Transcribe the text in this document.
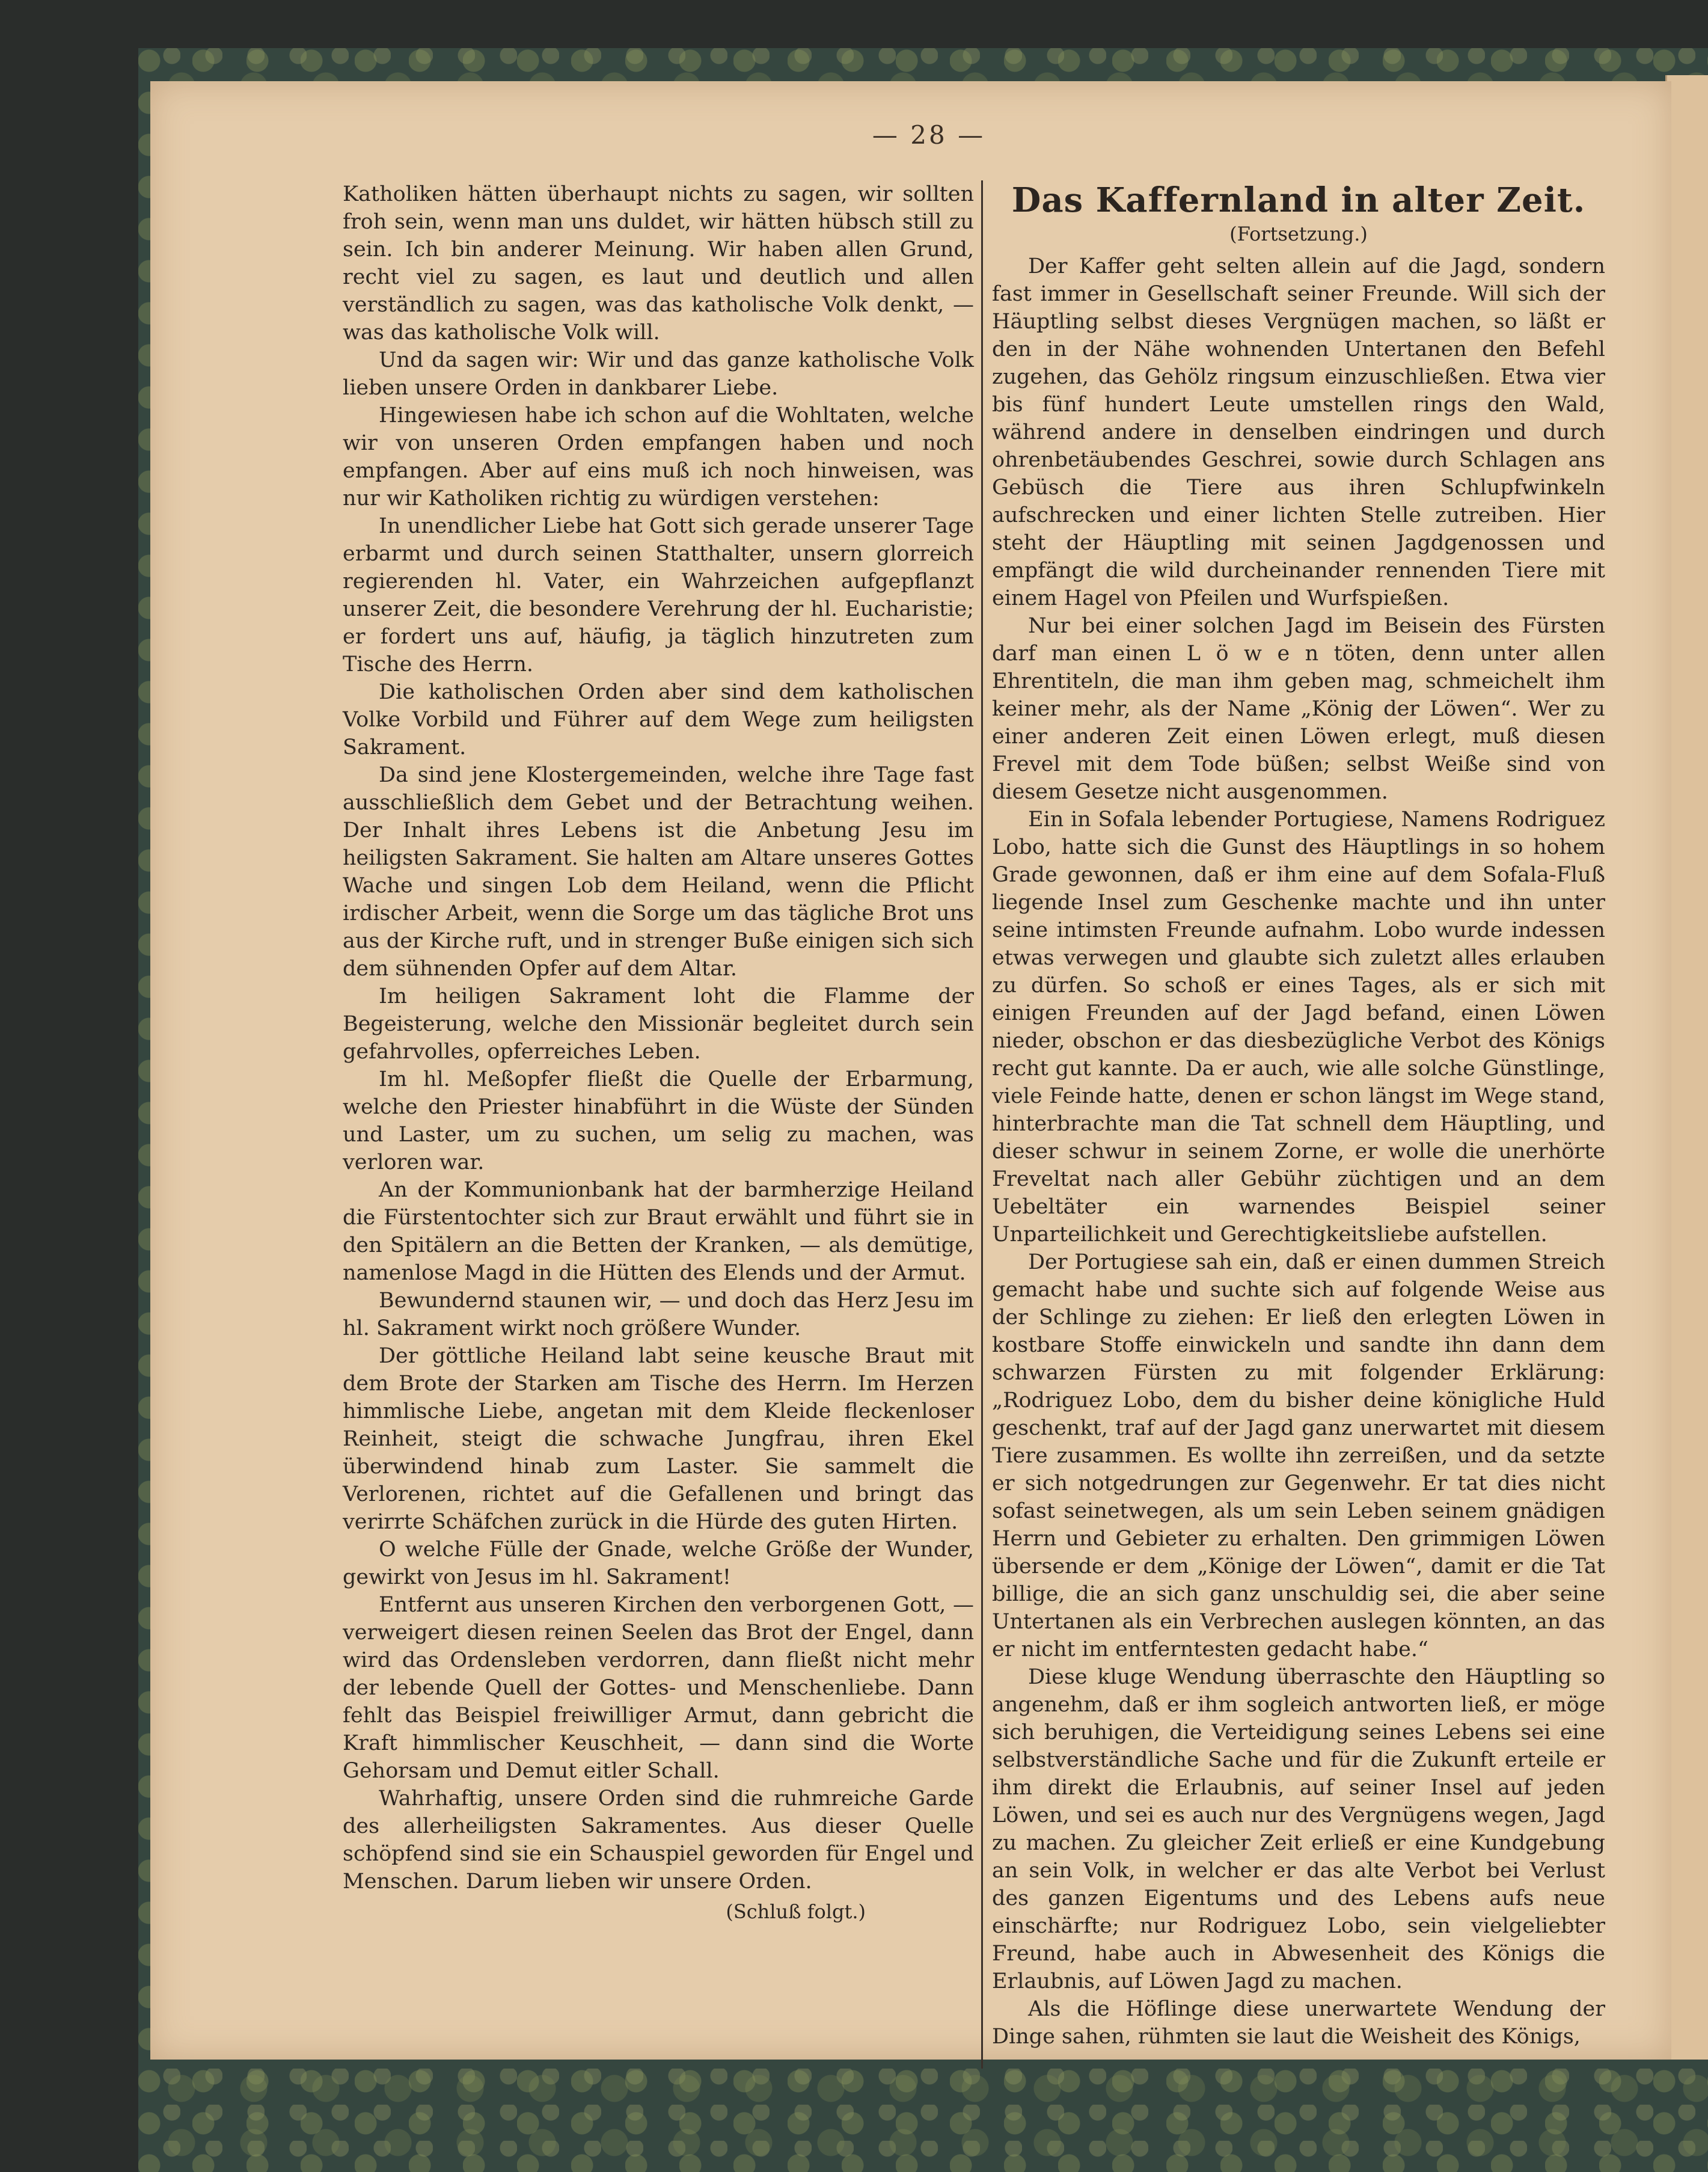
— 28 —

Katholiken hätten überhaupt nichts zu sagen, wir sollten froh sein, wenn man uns duldet, wir hätten hübsch still zu sein. Ich bin anderer Meinung. Wir haben allen Grund, recht viel zu sagen, es laut und deutlich und allen verständlich zu sagen, was das katholische Volk denkt, — was das katholische Volk will.

Und da sagen wir: Wir und das ganze katholische Volk lieben unsere Orden in dankbarer Liebe.

Hingewiesen habe ich schon auf die Wohltaten, welche wir von unseren Orden empfangen haben und noch empfangen. Aber auf eins muß ich noch hinweisen, was nur wir Katholiken richtig zu würdigen verstehen:

In unendlicher Liebe hat Gott sich gerade unserer Tage erbarmt und durch seinen Statthalter, unsern glorreich regierenden hl. Vater, ein Wahrzeichen aufgepflanzt unserer Zeit, die besondere Verehrung der hl. Eucharistie; er fordert uns auf, häufig, ja täglich hinzutreten zum Tische des Herrn.

Die katholischen Orden aber sind dem katholischen Volke Vorbild und Führer auf dem Wege zum heiligsten Sakrament.

Da sind jene Klostergemeinden, welche ihre Tage fast ausschließlich dem Gebet und der Betrachtung weihen. Der Inhalt ihres Lebens ist die Anbetung Jesu im heiligsten Sakrament. Sie halten am Altare unseres Gottes Wache und singen Lob dem Heiland, wenn die Pflicht irdischer Arbeit, wenn die Sorge um das tägliche Brot uns aus der Kirche ruft, und in strenger Buße einigen sich sich dem sühnenden Opfer auf dem Altar.

Im heiligen Sakrament loht die Flamme der Begeisterung, welche den Missionär begleitet durch sein gefahrvolles, opferreiches Leben.

Im hl. Meßopfer fließt die Quelle der Erbarmung, welche den Priester hinabführt in die Wüste der Sünden und Laster, um zu suchen, um selig zu machen, was verloren war.

An der Kommunionbank hat der barmherzige Heiland die Fürstentochter sich zur Braut erwählt und führt sie in den Spitälern an die Betten der Kranken, — als demütige, namenlose Magd in die Hütten des Elends und der Armut.

Bewundernd staunen wir, — und doch das Herz Jesu im hl. Sakrament wirkt noch größere Wunder.

Der göttliche Heiland labt seine keusche Braut mit dem Brote der Starken am Tische des Herrn. Im Herzen himmlische Liebe, angetan mit dem Kleide fleckenloser Reinheit, steigt die schwache Jungfrau, ihren Ekel überwindend hinab zum Laster. Sie sammelt die Verlorenen, richtet auf die Gefallenen und bringt das verirrte Schäfchen zurück in die Hürde des guten Hirten.

O welche Fülle der Gnade, welche Größe der Wunder, gewirkt von Jesus im hl. Sakrament!

Entfernt aus unseren Kirchen den verborgenen Gott, — verweigert diesen reinen Seelen das Brot der Engel, dann wird das Ordensleben verdorren, dann fließt nicht mehr der lebende Quell der Gottes- und Menschenliebe. Dann fehlt das Beispiel freiwilliger Armut, dann gebricht die Kraft himmlischer Keuschheit, — dann sind die Worte Gehorsam und Demut eitler Schall.

Wahrhaftig, unsere Orden sind die ruhmreiche Garde des allerheiligsten Sakramentes. Aus dieser Quelle schöpfend sind sie ein Schauspiel geworden für Engel und Menschen. Darum lieben wir unsere Orden.

(Schluß folgt.)

Das Kaffernland in alter Zeit.
(Fortsetzung.)

Der Kaffer geht selten allein auf die Jagd, sondern fast immer in Gesellschaft seiner Freunde. Will sich der Häuptling selbst dieses Vergnügen machen, so läßt er den in der Nähe wohnenden Untertanen den Befehl zugehen, das Gehölz ringsum einzuschließen. Etwa vier bis fünf hundert Leute umstellen rings den Wald, während andere in denselben eindringen und durch ohrenbetäubendes Geschrei, sowie durch Schlagen ans Gebüsch die Tiere aus ihren Schlupfwinkeln aufschrecken und einer lichten Stelle zutreiben. Hier steht der Häuptling mit seinen Jagdgenossen und empfängt die wild durcheinander rennenden Tiere mit einem Hagel von Pfeilen und Wurfspießen.

Nur bei einer solchen Jagd im Beisein des Fürsten darf man einen L ö w e n töten, denn unter allen Ehrentiteln, die man ihm geben mag, schmeichelt ihm keiner mehr, als der Name „König der Löwen“. Wer zu einer anderen Zeit einen Löwen erlegt, muß diesen Frevel mit dem Tode büßen; selbst Weiße sind von diesem Gesetze nicht ausgenommen.

Ein in Sofala lebender Portugiese, Namens Rodriguez Lobo, hatte sich die Gunst des Häuptlings in so hohem Grade gewonnen, daß er ihm eine auf dem Sofala-Fluß liegende Insel zum Geschenke machte und ihn unter seine intimsten Freunde aufnahm. Lobo wurde indessen etwas verwegen und glaubte sich zuletzt alles erlauben zu dürfen. So schoß er eines Tages, als er sich mit einigen Freunden auf der Jagd befand, einen Löwen nieder, obschon er das diesbezügliche Verbot des Königs recht gut kannte. Da er auch, wie alle solche Günstlinge, viele Feinde hatte, denen er schon längst im Wege stand, hinterbrachte man die Tat schnell dem Häuptling, und dieser schwur in seinem Zorne, er wolle die unerhörte Freveltat nach aller Gebühr züchtigen und an dem Uebeltäter ein warnendes Beispiel seiner Unparteilichkeit und Gerechtigkeitsliebe aufstellen.

Der Portugiese sah ein, daß er einen dummen Streich gemacht habe und suchte sich auf folgende Weise aus der Schlinge zu ziehen: Er ließ den erlegten Löwen in kostbare Stoffe einwickeln und sandte ihn dann dem schwarzen Fürsten zu mit folgender Erklärung: „Rodriguez Lobo, dem du bisher deine königliche Huld geschenkt, traf auf der Jagd ganz unerwartet mit diesem Tiere zusammen. Es wollte ihn zerreißen, und da setzte er sich notgedrungen zur Gegenwehr. Er tat dies nicht sofast seinetwegen, als um sein Leben seinem gnädigen Herrn und Gebieter zu erhalten. Den grimmigen Löwen übersende er dem „Könige der Löwen“, damit er die Tat billige, die an sich ganz unschuldig sei, die aber seine Untertanen als ein Verbrechen auslegen könnten, an das er nicht im entferntesten gedacht habe.“

Diese kluge Wendung überraschte den Häuptling so angenehm, daß er ihm sogleich antworten ließ, er möge sich beruhigen, die Verteidigung seines Lebens sei eine selbstverständliche Sache und für die Zukunft erteile er ihm direkt die Erlaubnis, auf seiner Insel auf jeden Löwen, und sei es auch nur des Vergnügens wegen, Jagd zu machen. Zu gleicher Zeit erließ er eine Kundgebung an sein Volk, in welcher er das alte Verbot bei Verlust des ganzen Eigentums und des Lebens aufs neue einschärfte; nur Rodriguez Lobo, sein vielgeliebter Freund, habe auch in Abwesenheit des Königs die Erlaubnis, auf Löwen Jagd zu machen.

Als die Höflinge diese unerwartete Wendung der Dinge sahen, rühmten sie laut die Weisheit des Königs,
